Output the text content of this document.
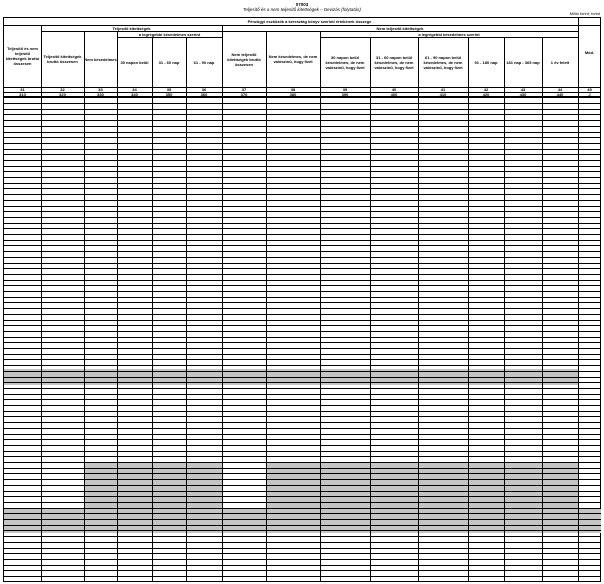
07003
Teljesítő és a nem teljesítő kitettségek – Devizás (folytatás)
Millió forint; forint
Pénzügyi eszközök a keresztág könyv szerinti értékének összege
Teljesítő kitettségek	Nem teljesítő kitettségek
a legrégebbi késedelmes szerint	a legrégebbi késedelmes szerint
Teljesítő és nem teljesítő kitettségek bruttó összesen
Mód.
31
310
45
J
Teljesítő kitettségek bruttó összesen
32
320
Nem késedelmes
33
330
30 napon belül
34
340
31 - 60 nap
35
350
61 - 90 nap
36
360
Nem teljesítő kitettségek bruttó összesen
37
370
Nem késedelmes, de nem valószínű, hogy fizet
38
380
30 napon belül késedelmes, de nem valószínű, hogy fizet
39
390
31 - 60 napon belül késedelmes, de nem valószínű, hogy fizet
40
400
61 - 90 napon belül késedelmes, de nem valószínű, hogy fizet
41
410
91 - 180 nap
42
420
181 nap - 365 nap
43
430
1 év felett
44
440
